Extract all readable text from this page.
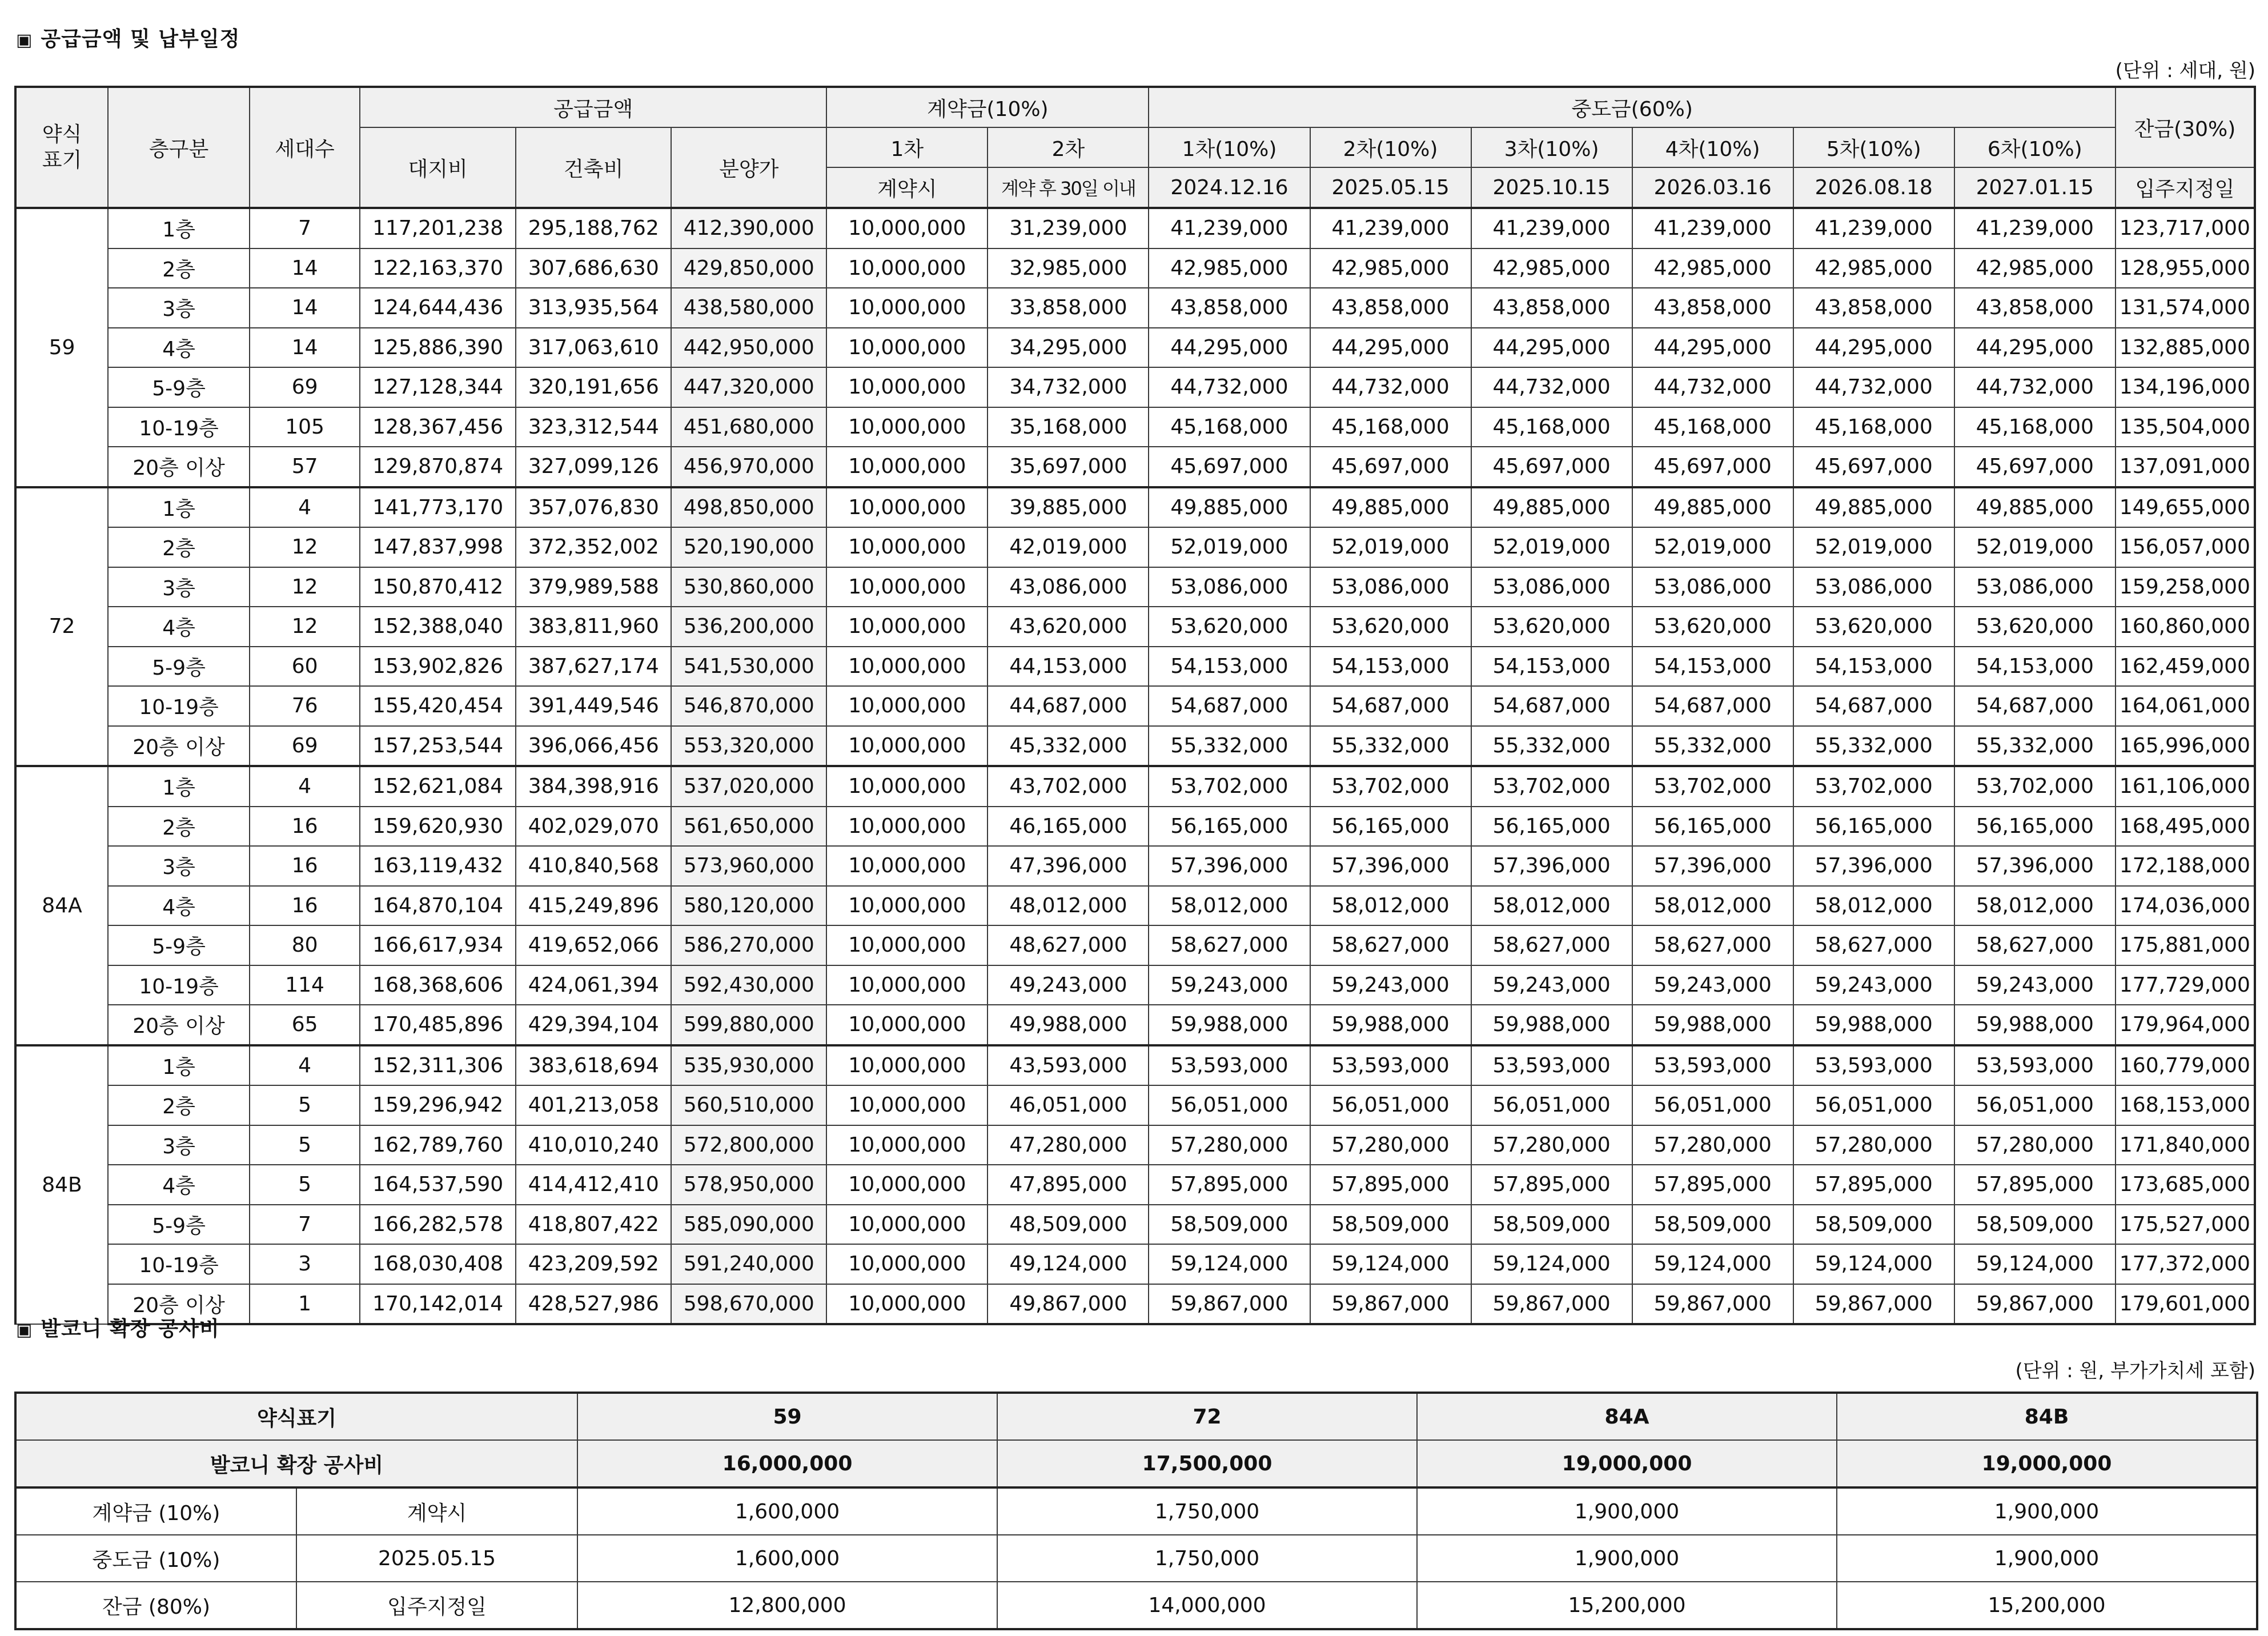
▣ 공급금액 및 납부일정
(단위 : 세대, 원)
약식
표기	층구분	세대수	공급금액			계약금(10%)		중도금(60%)						잔금(30%)
			대지비	건축비	분양가	1차	2차	1차(10%)	2차(10%)	3차(10%)	4차(10%)	5차(10%)	6차(10%)	
						계약시	계약 후 30일 이내	2024.12.16	2025.05.15	2025.10.15	2026.03.16	2026.08.18	2027.01.15	입주지정일
59	1층	7	117,201,238	295,188,762	412,390,000	10,000,000	31,239,000	41,239,000	41,239,000	41,239,000	41,239,000	41,239,000	41,239,000	123,717,000
	2층	14	122,163,370	307,686,630	429,850,000	10,000,000	32,985,000	42,985,000	42,985,000	42,985,000	42,985,000	42,985,000	42,985,000	128,955,000
	3층	14	124,644,436	313,935,564	438,580,000	10,000,000	33,858,000	43,858,000	43,858,000	43,858,000	43,858,000	43,858,000	43,858,000	131,574,000
	4층	14	125,886,390	317,063,610	442,950,000	10,000,000	34,295,000	44,295,000	44,295,000	44,295,000	44,295,000	44,295,000	44,295,000	132,885,000
	5-9층	69	127,128,344	320,191,656	447,320,000	10,000,000	34,732,000	44,732,000	44,732,000	44,732,000	44,732,000	44,732,000	44,732,000	134,196,000
	10-19층	105	128,367,456	323,312,544	451,680,000	10,000,000	35,168,000	45,168,000	45,168,000	45,168,000	45,168,000	45,168,000	45,168,000	135,504,000
	20층 이상	57	129,870,874	327,099,126	456,970,000	10,000,000	35,697,000	45,697,000	45,697,000	45,697,000	45,697,000	45,697,000	45,697,000	137,091,000
72	1층	4	141,773,170	357,076,830	498,850,000	10,000,000	39,885,000	49,885,000	49,885,000	49,885,000	49,885,000	49,885,000	49,885,000	149,655,000
	2층	12	147,837,998	372,352,002	520,190,000	10,000,000	42,019,000	52,019,000	52,019,000	52,019,000	52,019,000	52,019,000	52,019,000	156,057,000
	3층	12	150,870,412	379,989,588	530,860,000	10,000,000	43,086,000	53,086,000	53,086,000	53,086,000	53,086,000	53,086,000	53,086,000	159,258,000
	4층	12	152,388,040	383,811,960	536,200,000	10,000,000	43,620,000	53,620,000	53,620,000	53,620,000	53,620,000	53,620,000	53,620,000	160,860,000
	5-9층	60	153,902,826	387,627,174	541,530,000	10,000,000	44,153,000	54,153,000	54,153,000	54,153,000	54,153,000	54,153,000	54,153,000	162,459,000
	10-19층	76	155,420,454	391,449,546	546,870,000	10,000,000	44,687,000	54,687,000	54,687,000	54,687,000	54,687,000	54,687,000	54,687,000	164,061,000
	20층 이상	69	157,253,544	396,066,456	553,320,000	10,000,000	45,332,000	55,332,000	55,332,000	55,332,000	55,332,000	55,332,000	55,332,000	165,996,000
84A	1층	4	152,621,084	384,398,916	537,020,000	10,000,000	43,702,000	53,702,000	53,702,000	53,702,000	53,702,000	53,702,000	53,702,000	161,106,000
	2층	16	159,620,930	402,029,070	561,650,000	10,000,000	46,165,000	56,165,000	56,165,000	56,165,000	56,165,000	56,165,000	56,165,000	168,495,000
	3층	16	163,119,432	410,840,568	573,960,000	10,000,000	47,396,000	57,396,000	57,396,000	57,396,000	57,396,000	57,396,000	57,396,000	172,188,000
	4층	16	164,870,104	415,249,896	580,120,000	10,000,000	48,012,000	58,012,000	58,012,000	58,012,000	58,012,000	58,012,000	58,012,000	174,036,000
	5-9층	80	166,617,934	419,652,066	586,270,000	10,000,000	48,627,000	58,627,000	58,627,000	58,627,000	58,627,000	58,627,000	58,627,000	175,881,000
	10-19층	114	168,368,606	424,061,394	592,430,000	10,000,000	49,243,000	59,243,000	59,243,000	59,243,000	59,243,000	59,243,000	59,243,000	177,729,000
	20층 이상	65	170,485,896	429,394,104	599,880,000	10,000,000	49,988,000	59,988,000	59,988,000	59,988,000	59,988,000	59,988,000	59,988,000	179,964,000
84B	1층	4	152,311,306	383,618,694	535,930,000	10,000,000	43,593,000	53,593,000	53,593,000	53,593,000	53,593,000	53,593,000	53,593,000	160,779,000
	2층	5	159,296,942	401,213,058	560,510,000	10,000,000	46,051,000	56,051,000	56,051,000	56,051,000	56,051,000	56,051,000	56,051,000	168,153,000
	3층	5	162,789,760	410,010,240	572,800,000	10,000,000	47,280,000	57,280,000	57,280,000	57,280,000	57,280,000	57,280,000	57,280,000	171,840,000
	4층	5	164,537,590	414,412,410	578,950,000	10,000,000	47,895,000	57,895,000	57,895,000	57,895,000	57,895,000	57,895,000	57,895,000	173,685,000
	5-9층	7	166,282,578	418,807,422	585,090,000	10,000,000	48,509,000	58,509,000	58,509,000	58,509,000	58,509,000	58,509,000	58,509,000	175,527,000
	10-19층	3	168,030,408	423,209,592	591,240,000	10,000,000	49,124,000	59,124,000	59,124,000	59,124,000	59,124,000	59,124,000	59,124,000	177,372,000
	20층 이상	1	170,142,014	428,527,986	598,670,000	10,000,000	49,867,000	59,867,000	59,867,000	59,867,000	59,867,000	59,867,000	59,867,000	179,601,000
▣ 발코니 확장 공사비
(단위 : 원, 부가가치세 포함)
약식표기		59	72	84A	84B
발코니 확장 공사비		16,000,000	17,500,000	19,000,000	19,000,000
계약금 (10%)	계약시	1,600,000	1,750,000	1,900,000	1,900,000
중도금 (10%)	2025.05.15	1,600,000	1,750,000	1,900,000	1,900,000
잔금 (80%)	입주지정일	12,800,000	14,000,000	15,200,000	15,200,000
